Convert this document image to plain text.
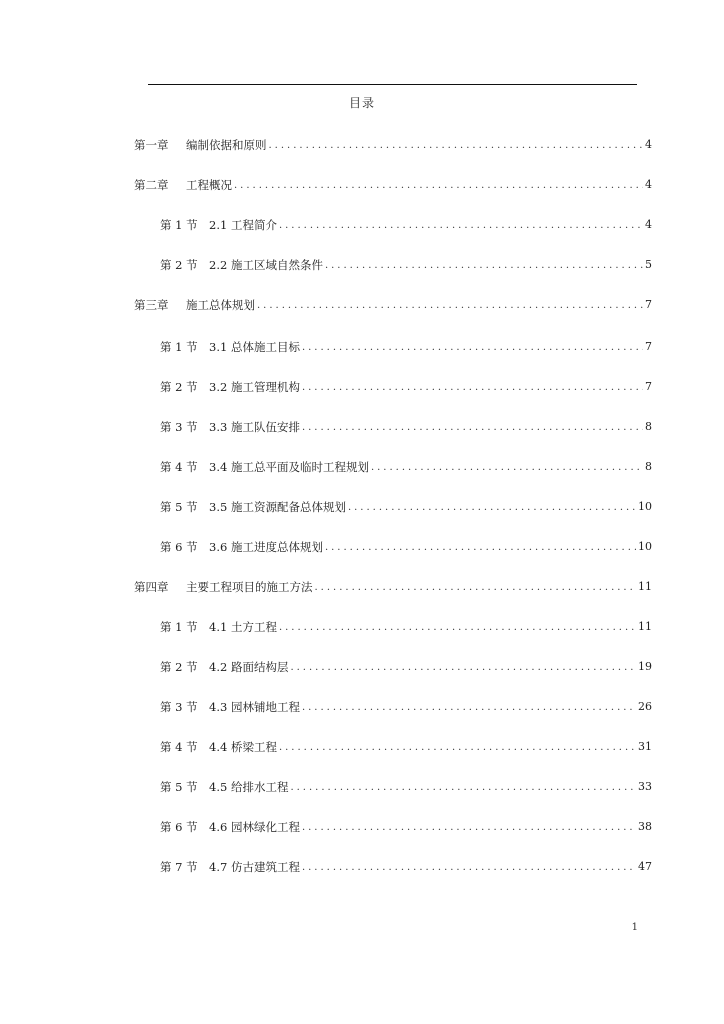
目录
第一章	编制依据和原则 .....	4
第二章	工程概况 .....	4
第 1 节 2.1 工程简介 .....	4
第 2 节 2.2 施工区域自然条件 .....	5
第三章	施工总体规划 .....	7
第 1 节 3.1 总体施工目标 .....	7
第 2 节 3.2 施工管理机构 .....	7
第 3 节 3.3 施工队伍安排 .....	8
第 4 节 3.4 施工总平面及临时工程规划 .....	8
第 5 节 3.5 施工资源配备总体规划 .....	10
第 6 节 3.6 施工进度总体规划 .....	10
第四章	主要工程项目的施工方法 .....	11
第 1 节 4.1 土方工程 .....	11
第 2 节 4.2 路面结构层 .....	19
第 3 节 4.3 园林铺地工程 .....	26
第 4 节 4.4 桥梁工程 .....	31
第 5 节 4.5 给排水工程 .....	33
第 6 节 4.6 园林绿化工程 .....	38
第 7 节 4.7 仿古建筑工程 .....	47
1
